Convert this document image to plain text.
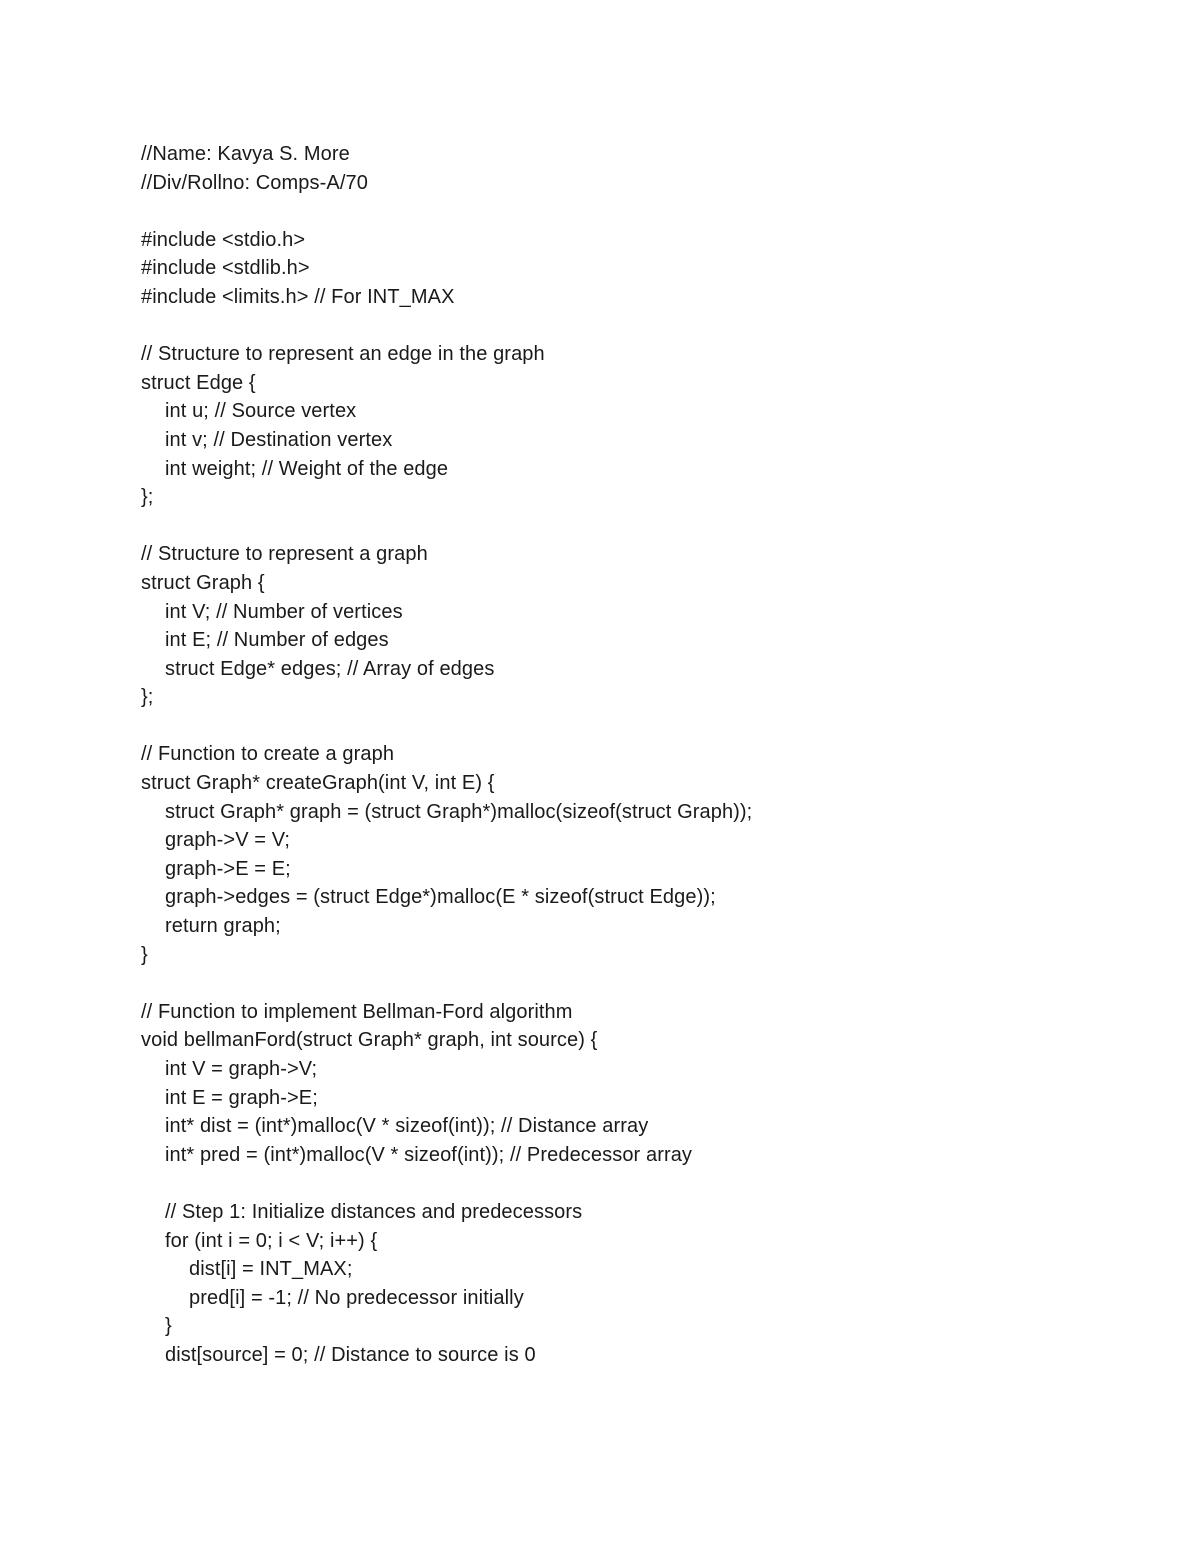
//Name: Kavya S. More
//Div/Rollno: Comps-A/70
#include <stdio.h>
#include <stdlib.h>
#include <limits.h> // For INT_MAX
// Structure to represent an edge in the graph
struct Edge {
int u; // Source vertex
int v; // Destination vertex
int weight; // Weight of the edge
};
// Structure to represent a graph
struct Graph {
int V; // Number of vertices
int E; // Number of edges
struct Edge* edges; // Array of edges
};
// Function to create a graph
struct Graph* createGraph(int V, int E) {
struct Graph* graph = (struct Graph*)malloc(sizeof(struct Graph));
graph->V = V;
graph->E = E;
graph->edges = (struct Edge*)malloc(E * sizeof(struct Edge));
return graph;
}
// Function to implement Bellman-Ford algorithm
void bellmanFord(struct Graph* graph, int source) {
int V = graph->V;
int E = graph->E;
int* dist = (int*)malloc(V * sizeof(int)); // Distance array
int* pred = (int*)malloc(V * sizeof(int)); // Predecessor array
// Step 1: Initialize distances and predecessors
for (int i = 0; i < V; i++) {
dist[i] = INT_MAX;
pred[i] = -1; // No predecessor initially
}
dist[source] = 0; // Distance to source is 0
